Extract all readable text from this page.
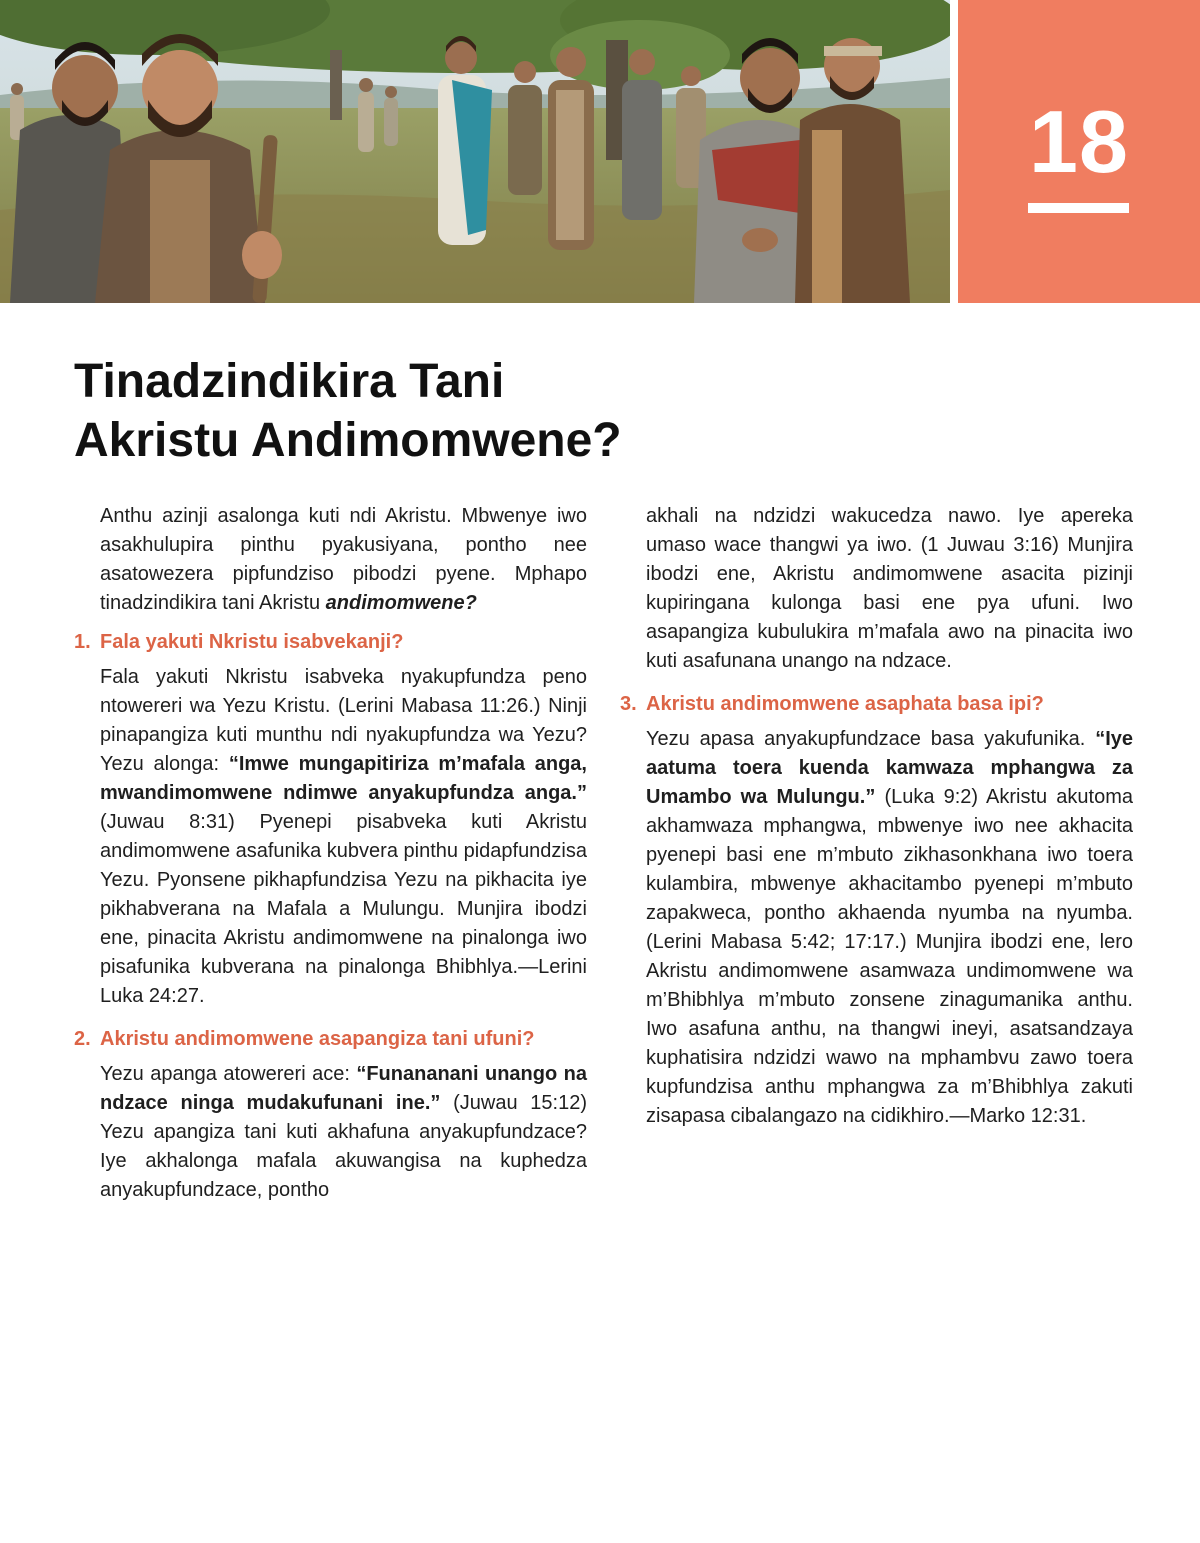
18
Tinadzindikira Tani
Akristu Andimomwene?

Anthu azinji asalonga kuti ndi Akristu. Mbwenye iwo asakhulupira pinthu pyakusiyana, pontho nee asatowezera pipfundziso pibodzi pyene. Mphapo tinadzindikira tani Akristu andimomwene?

1. Fala yakuti Nkristu isabvekanji?

Fala yakuti Nkristu isabveka nyakupfundza peno ntowereri wa Yezu Kristu. (Lerini Mabasa 11:26.) Ninji pinapangiza kuti munthu ndi nyakupfundza wa Yezu? Yezu alonga: “Imwe mungapitiriza m’mafala anga, mwandimomwene ndimwe anyakupfundza anga.” (Juwau 8:31) Pyenepi pisabveka kuti Akristu andimomwene asafunika kubvera pinthu pidapfundzisa Yezu. Pyonsene pikhapfundzisa Yezu na pikhacita iye pikhabverana na Mafala a Mulungu. Munjira ibodzi ene, pinacita Akristu andimomwene na pinalonga iwo pisafunika kubverana na pinalonga Bhibhlya.—Lerini Luka 24:27.

2. Akristu andimomwene asapangiza tani ufuni?

Yezu apanga atowereri ace: “Funananani unango na ndzace ninga mudakufunani ine.” (Juwau 15:12) Yezu apangiza tani kuti akhafuna anyakupfundzace? Iye akhalonga mafala akuwangisa na kuphedza anyakupfundzace, pontho

akhali na ndzidzi wakucedza nawo. Iye apereka umaso wace thangwi ya iwo. (1 Juwau 3:16) Munjira ibodzi ene, Akristu andimomwene asacita pizinji kupiringana kulonga basi ene pya ufuni. Iwo asapangiza kubulukira m’mafala awo na pinacita iwo kuti asafunana unango na ndzace.

3. Akristu andimomwene asaphata basa ipi?

Yezu apasa anyakupfundzace basa yakufunika. “Iye aatuma toera kuenda kamwaza mphangwa za Umambo wa Mulungu.” (Luka 9:2) Akristu akutoma akhamwaza mphangwa, mbwenye iwo nee akhacita pyenepi basi ene m’mbuto zikhasonkhana iwo toera kulambira, mbwenye akhacitambo pyenepi m’mbuto zapakweca, pontho akhaenda nyumba na nyumba. (Lerini Mabasa 5:42; 17:17.) Munjira ibodzi ene, lero Akristu andimomwene asamwaza undimomwene wa m’Bhibhlya m’mbuto zonsene zinagumanika anthu. Iwo asafuna anthu, na thangwi ineyi, asatsandzaya kuphatisira ndzidzi wawo na mphambvu zawo toera kupfundzisa anthu mphangwa za m’Bhibhlya zakuti zisapasa cibalangazo na cidikhiro.—Marko 12:31.
